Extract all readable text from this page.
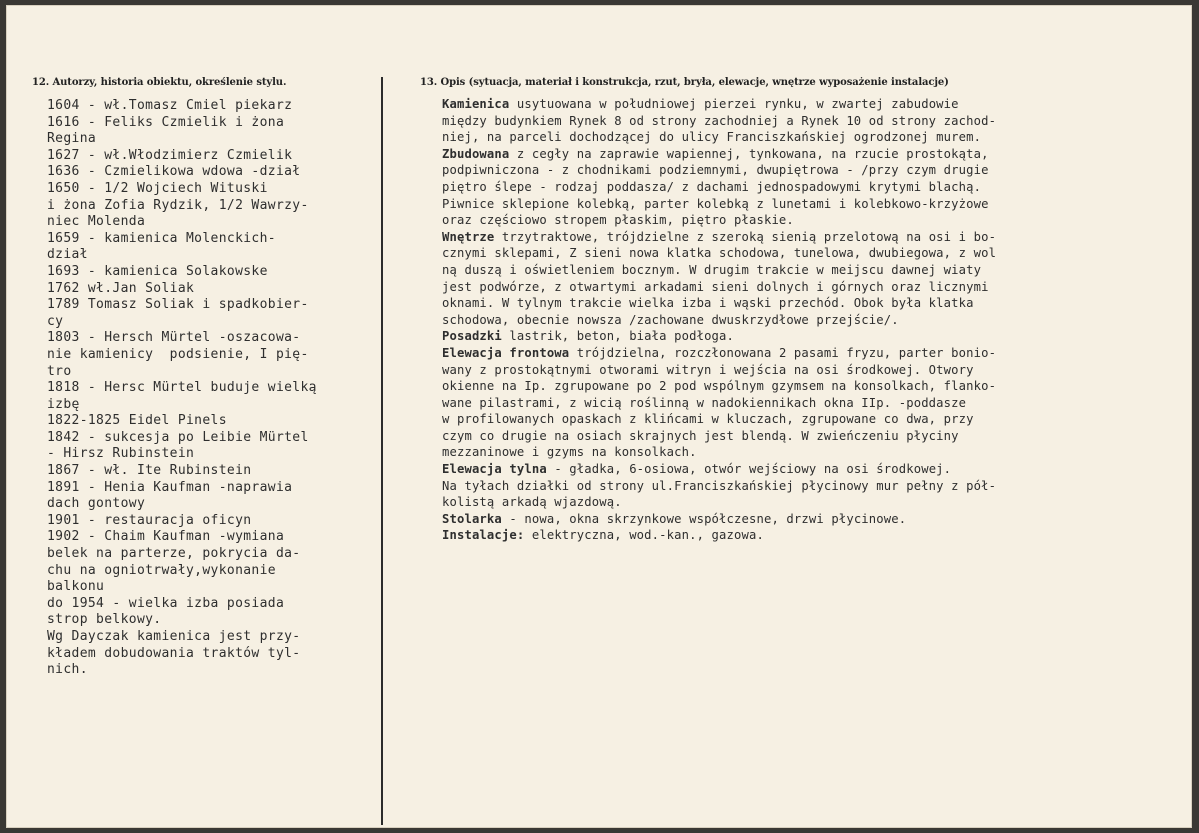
12. Autorzy, historia obiektu, określenie stylu.	13. Opis (sytuacja, materiał i konstrukcja, rzut, bryła, elewacje, wnętrze wyposażenie instalacje)
1604 - wł.Tomasz Cmiel piekarz
1616 - Feliks Czmielik i żona
Regina
1627 - wł.Włodzimierz Czmielik
1636 - Czmielikowa wdowa -dział
1650 - 1/2 Wojciech Wituski
i żona Zofia Rydzik, 1/2 Wawrzy-
niec Molenda
1659 - kamienica Molenckich-
dział
1693 - kamienica Solakowske
1762 wł.Jan Soliak
1789 Tomasz Soliak i spadkobier-
cy
1803 - Hersch Mürtel -oszacowa-
nie kamienicy  podsienie, I pię-
tro
1818 - Hersc Mürtel buduje wielką
izbę
1822-1825 Eidel Pinels
1842 - sukcesja po Leibie Mürtel
- Hirsz Rubinstein
1867 - wł. Ite Rubinstein
1891 - Henia Kaufman -naprawia
dach gontowy
1901 - restauracja oficyn
1902 - Chaim Kaufman -wymiana
belek na parterze, pokrycia da-
chu na ogniotrwały,wykonanie
balkonu
do 1954 - wielka izba posiada
strop belkowy.
Wg Dayczak kamienica jest przy-
kładem dobudowania traktów tyl-
nich.
Kamienica usytuowana w południowej pierzei rynku, w zwartej zabudowie
między budynkiem Rynek 8 od strony zachodniej a Rynek 10 od strony zachod-
niej, na parceli dochodzącej do ulicy Franciszkańskiej ogrodzonej murem.
Zbudowana z cegły na zaprawie wapiennej, tynkowana, na rzucie prostokąta,
podpiwniczona - z chodnikami podziemnymi, dwupiętrowa - /przy czym drugie
piętro ślepe - rodzaj poddasza/ z dachami jednospadowymi krytymi blachą.
Piwnice sklepione kolebką, parter kolebką z lunetami i kolebkowo-krzyżowe
oraz częściowo stropem płaskim, piętro płaskie.
Wnętrze trzytraktowe, trójdzielne z szeroką sienią przelotową na osi i bo-
cznymi sklepami, Z sieni nowa klatka schodowa, tunelowa, dwubiegowa, z wol
ną duszą i oświetleniem bocznym. W drugim trakcie w meijscu dawnej wiaty
jest podwórze, z otwartymi arkadami sieni dolnych i górnych oraz licznymi
oknami. W tylnym trakcie wielka izba i wąski przechód. Obok była klatka
schodowa, obecnie nowsza /zachowane dwuskrzydłowe przejście/.
Posadzki lastrik, beton, biała podłoga.
Elewacja frontowa trójdzielna, rozczłonowana 2 pasami fryzu, parter bonio-
wany z prostokątnymi otworami witryn i wejścia na osi środkowej. Otwory
okienne na Ip. zgrupowane po 2 pod wspólnym gzymsem na konsolkach, flanko-
wane pilastrami, z wicią roślinną w nadokiennikach okna IIp. -poddasze
w profilowanych opaskach z klińcami w kluczach, zgrupowane co dwa, przy
czym co drugie na osiach skrajnych jest blendą. W zwieńczeniu płyciny
mezzaninowe i gzyms na konsolkach.
Elewacja tylna - gładka, 6-osiowa, otwór wejściowy na osi środkowej.
Na tyłach działki od strony ul.Franciszkańskiej płycinowy mur pełny z pół-
kolistą arkadą wjazdową.
Stolarka - nowa, okna skrzynkowe współczesne, drzwi płycinowe.
Instalacje: elektryczna, wod.-kan., gazowa.
